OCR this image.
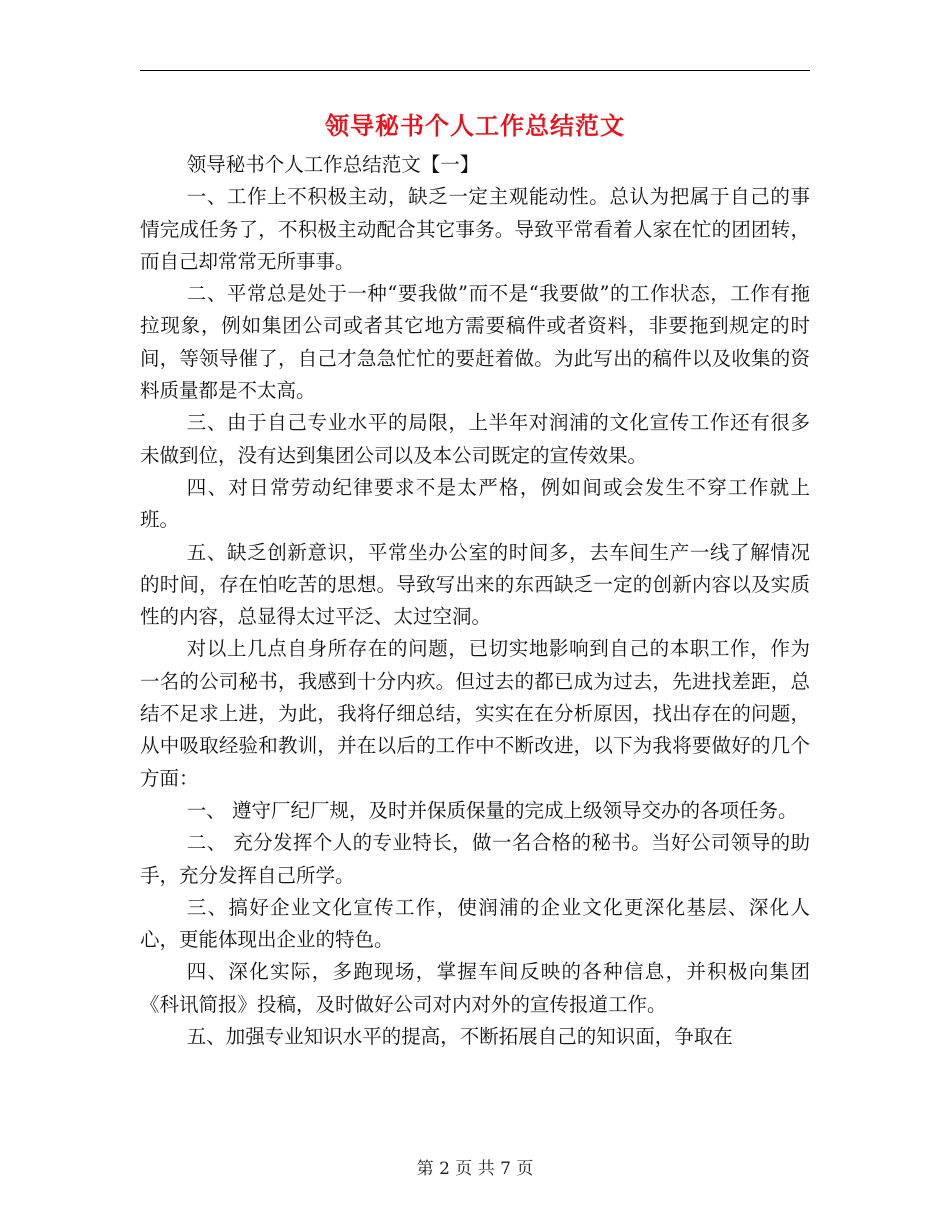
领导秘书个人工作总结范文

领导秘书个人工作总结范文【一】

一、工作上不积极主动，缺乏一定主观能动性。总认为把属于自己的事情完成任务了，不积极主动配合其它事务。导致平常看着人家在忙的团团转，而自己却常常无所事事。

二、平常总是处于一种“要我做”而不是“我要做”的工作状态，工作有拖拉现象，例如集团公司或者其它地方需要稿件或者资料，非要拖到规定的时间，等领导催了，自己才急急忙忙的要赶着做。为此写出的稿件以及收集的资料质量都是不太高。

三、由于自己专业水平的局限，上半年对润浦的文化宣传工作还有很多未做到位，没有达到集团公司以及本公司既定的宣传效果。

四、对日常劳动纪律要求不是太严格，例如间或会发生不穿工作就上班。

五、缺乏创新意识，平常坐办公室的时间多，去车间生产一线了解情况的时间，存在怕吃苦的思想。导致写出来的东西缺乏一定的创新内容以及实质性的内容，总显得太过平泛、太过空洞。

对以上几点自身所存在的问题，已切实地影响到自己的本职工作，作为一名的公司秘书，我感到十分内疚。但过去的都已成为过去，先进找差距，总结不足求上进，为此，我将仔细总结，实实在在分析原因，找出存在的问题，从中吸取经验和教训，并在以后的工作中不断改进，以下为我将要做好的几个方面：

一、 遵守厂纪厂规，及时并保质保量的完成上级领导交办的各项任务。

二、 充分发挥个人的专业特长，做一名合格的秘书。当好公司领导的助手，充分发挥自己所学。

三、搞好企业文化宣传工作，使润浦的企业文化更深化基层、深化人心，更能体现出企业的特色。

四、深化实际，多跑现场，掌握车间反映的各种信息，并积极向集团《科讯简报》投稿，及时做好公司对内对外的宣传报道工作。

五、加强专业知识水平的提高，不断拓展自己的知识面，争取在

第 2 页 共 7 页
